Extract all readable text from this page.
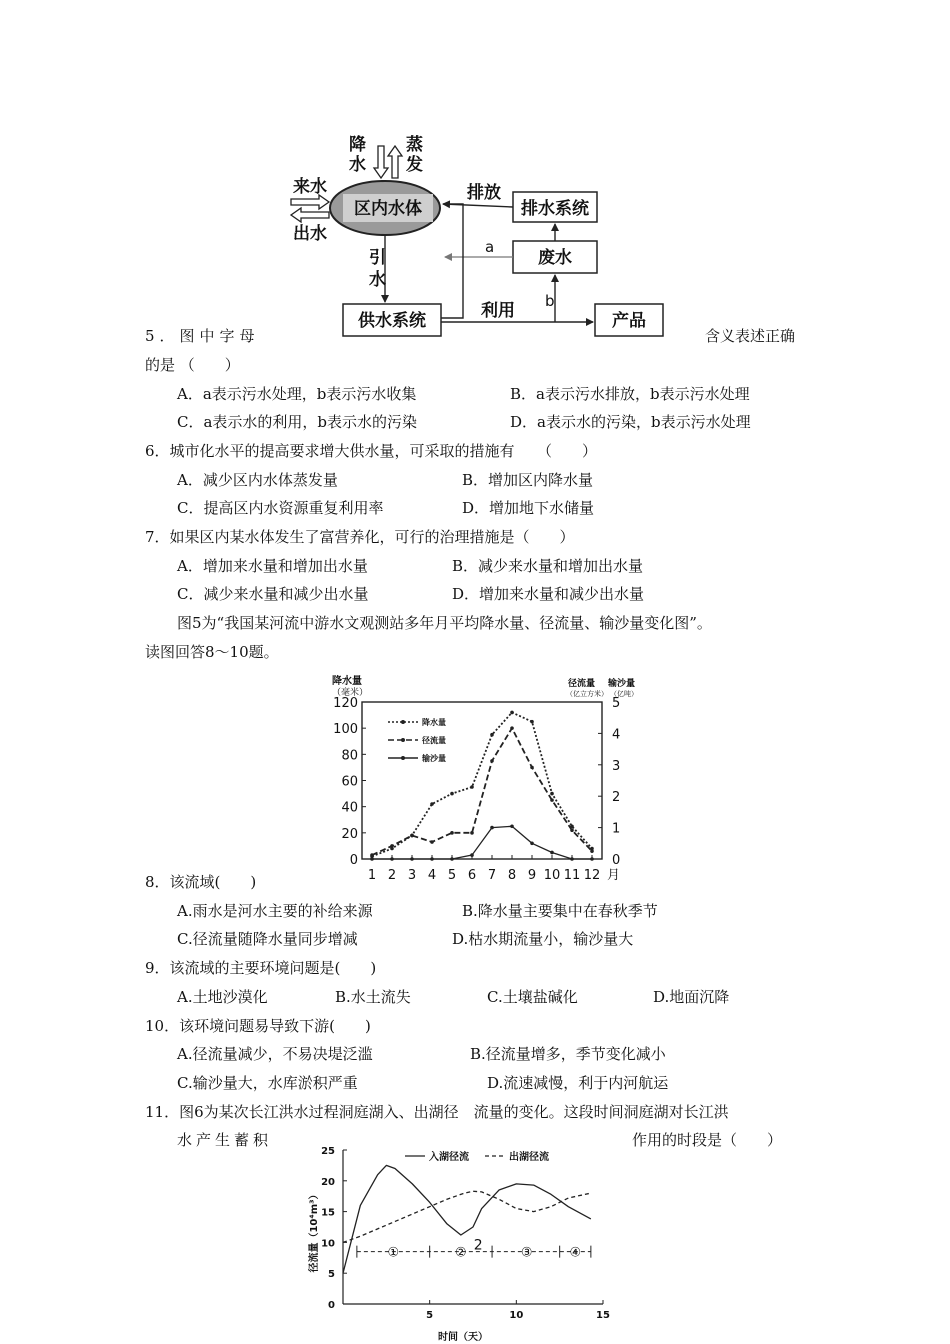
降
水
蒸
发
区内水体
来水
出水
排水系统
废水
供水系统	产品
排放
a
引
水
利用 b
5．图中字母	含义表述正确
的是 （　　）
A．a表示污水处理，b表示污水收集	B．a表示污水排放，b表示污水处理
C．a表示水的利用，b表示水的污染	D．a表示水的污染，b表示污水处理
6．城市化水平的提高要求增大供水量，可采取的措施有　　（　　）
A．减少区内水体蒸发量	B．增加区内降水量
C．提高区内水资源重复利用率	D．增加地下水储量
7．如果区内某水体发生了富营养化，可行的治理措施是（　　）
A．增加来水量和增加出水量	B．减少来水量和增加出水量
C．减少来水量和减少出水量	D．增加来水量和减少出水量
图5为“我国某河流中游水文观测站多年月平均降水量、径流量、输沙量变化图”。
读图回答8～10题。
降水量
（毫米）
径流量
（亿立方米）
输沙量
（亿吨）
0
20
40
60
80
100
120
0
1
2
3
4
5
1 2 3 4 5 6 7 8 9 10 11 12 月
降水量
径流量
输沙量
8．该流域(　　)
A.雨水是河水主要的补给来源	B.降水量主要集中在春秋季节
C.径流量随降水量同步增减	D.枯水期流量小，输沙量大
9．该流域的主要环境问题是(　　)
A.土地沙漠化	B.水土流失	C.土壤盐碱化	D.地面沉降
10．该环境问题易导致下游(　　)
A.径流量减少，不易决堤泛滥	B.径流量增多，季节变化减小
C.输沙量大，水库淤积严重	D.流速减慢，利于内河航运
11．图6为某次长江洪水过程洞庭湖入、出湖径　流量的变化。这段时间洞庭湖对长江洪
水产生蓄积	作用的时段是（　　）
0
5
10
15
20
25
5	10	15
时间（天）
径流量（10⁴m³）
入湖径流	出湖径流
①	②	③	④
2
